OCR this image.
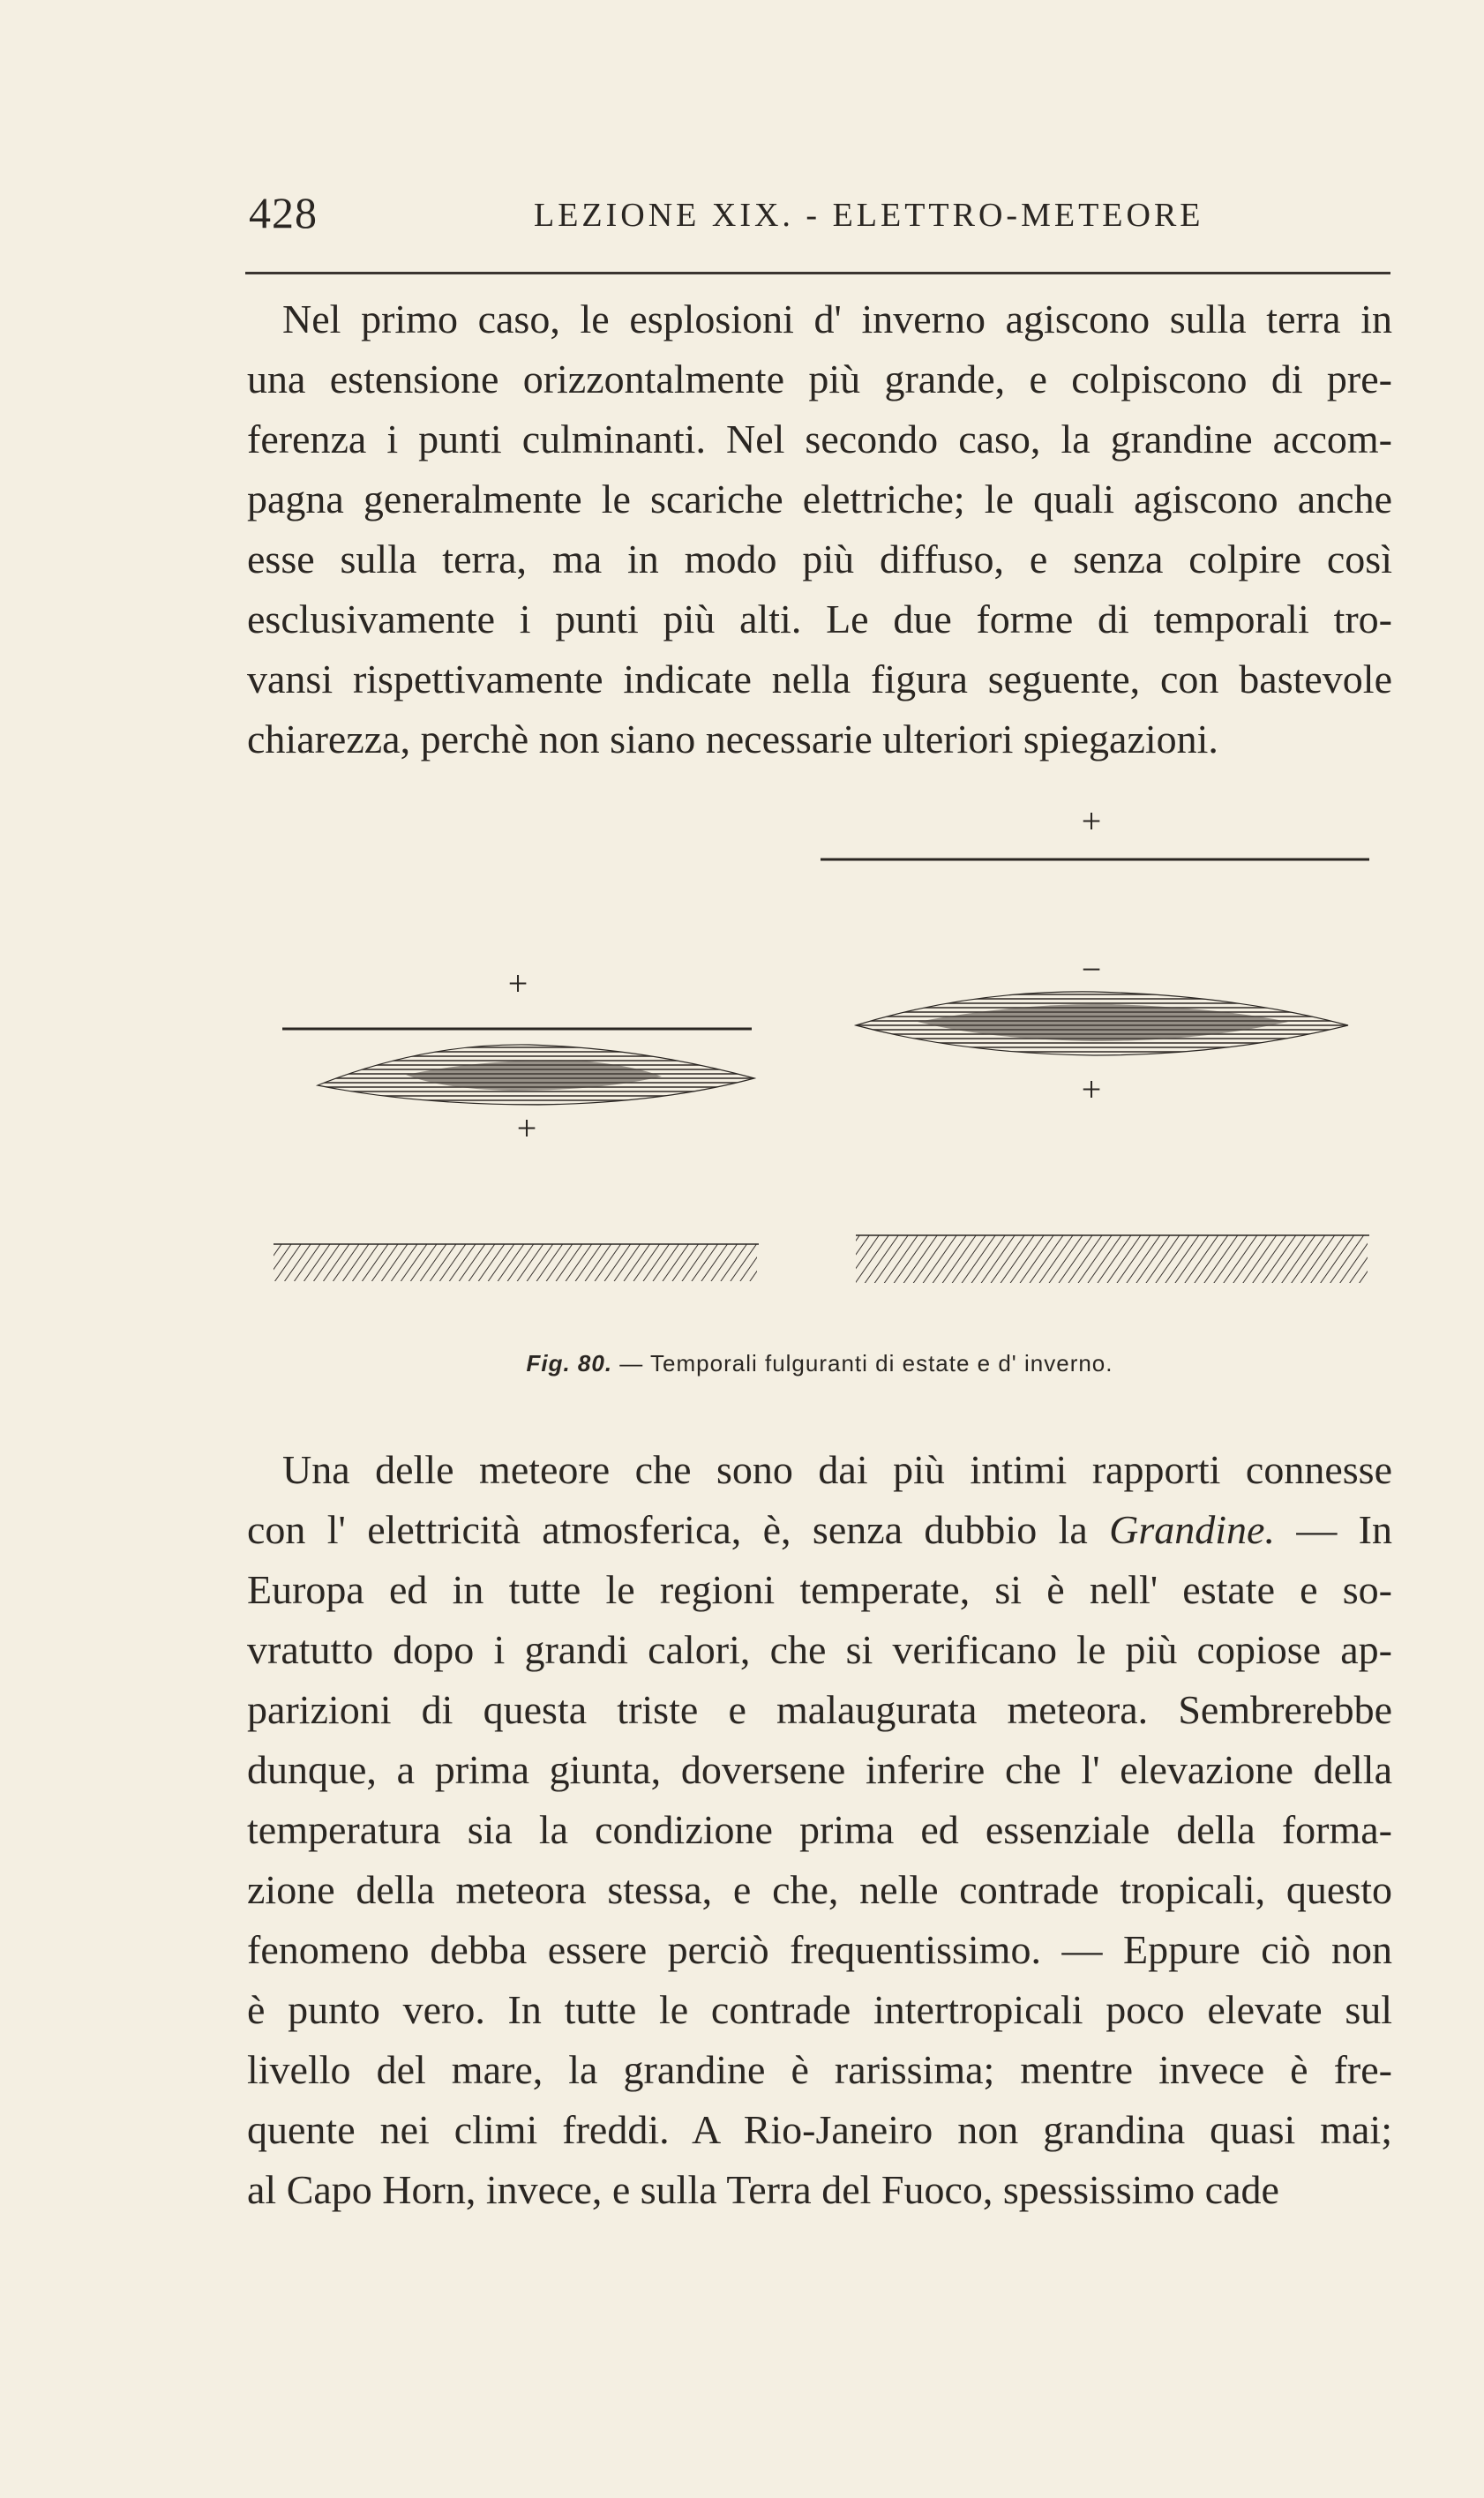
428	LEZIONE XIX. - ELETTRO-METEORE
Nel primo caso, le esplosioni d' inverno agiscono sulla terra in
una estensione orizzontalmente più grande, e colpiscono di pre-
ferenza i punti culminanti. Nel secondo caso, la grandine accom-
pagna generalmente le scariche elettriche; le quali agiscono anche
esse sulla terra, ma in modo più diffuso, e senza colpire così
esclusivamente i punti più alti. Le due forme di temporali tro-
vansi rispettivamente indicate nella figura seguente, con bastevole
chiarezza, perchè non siano necessarie ulteriori spiegazioni.
+
+
+
−
+
Fig. 80. — Temporali fulguranti di estate e d' inverno.
Una delle meteore che sono dai più intimi rapporti connesse
con l' elettricità atmosferica, è, senza dubbio la Grandine. — In
Europa ed in tutte le regioni temperate, si è nell' estate e so-
vratutto dopo i grandi calori, che si verificano le più copiose ap-
parizioni di questa triste e malaugurata meteora. Sembrerebbe
dunque, a prima giunta, doversene inferire che l' elevazione della
temperatura sia la condizione prima ed essenziale della forma-
zione della meteora stessa, e che, nelle contrade tropicali, questo
fenomeno debba essere perciò frequentissimo. — Eppure ciò non
è punto vero. In tutte le contrade intertropicali poco elevate sul
livello del mare, la grandine è rarissima; mentre invece è fre-
quente nei climi freddi. A Rio-Janeiro non grandina quasi mai;
al Capo Horn, invece, e sulla Terra del Fuoco, spessissimo cade
